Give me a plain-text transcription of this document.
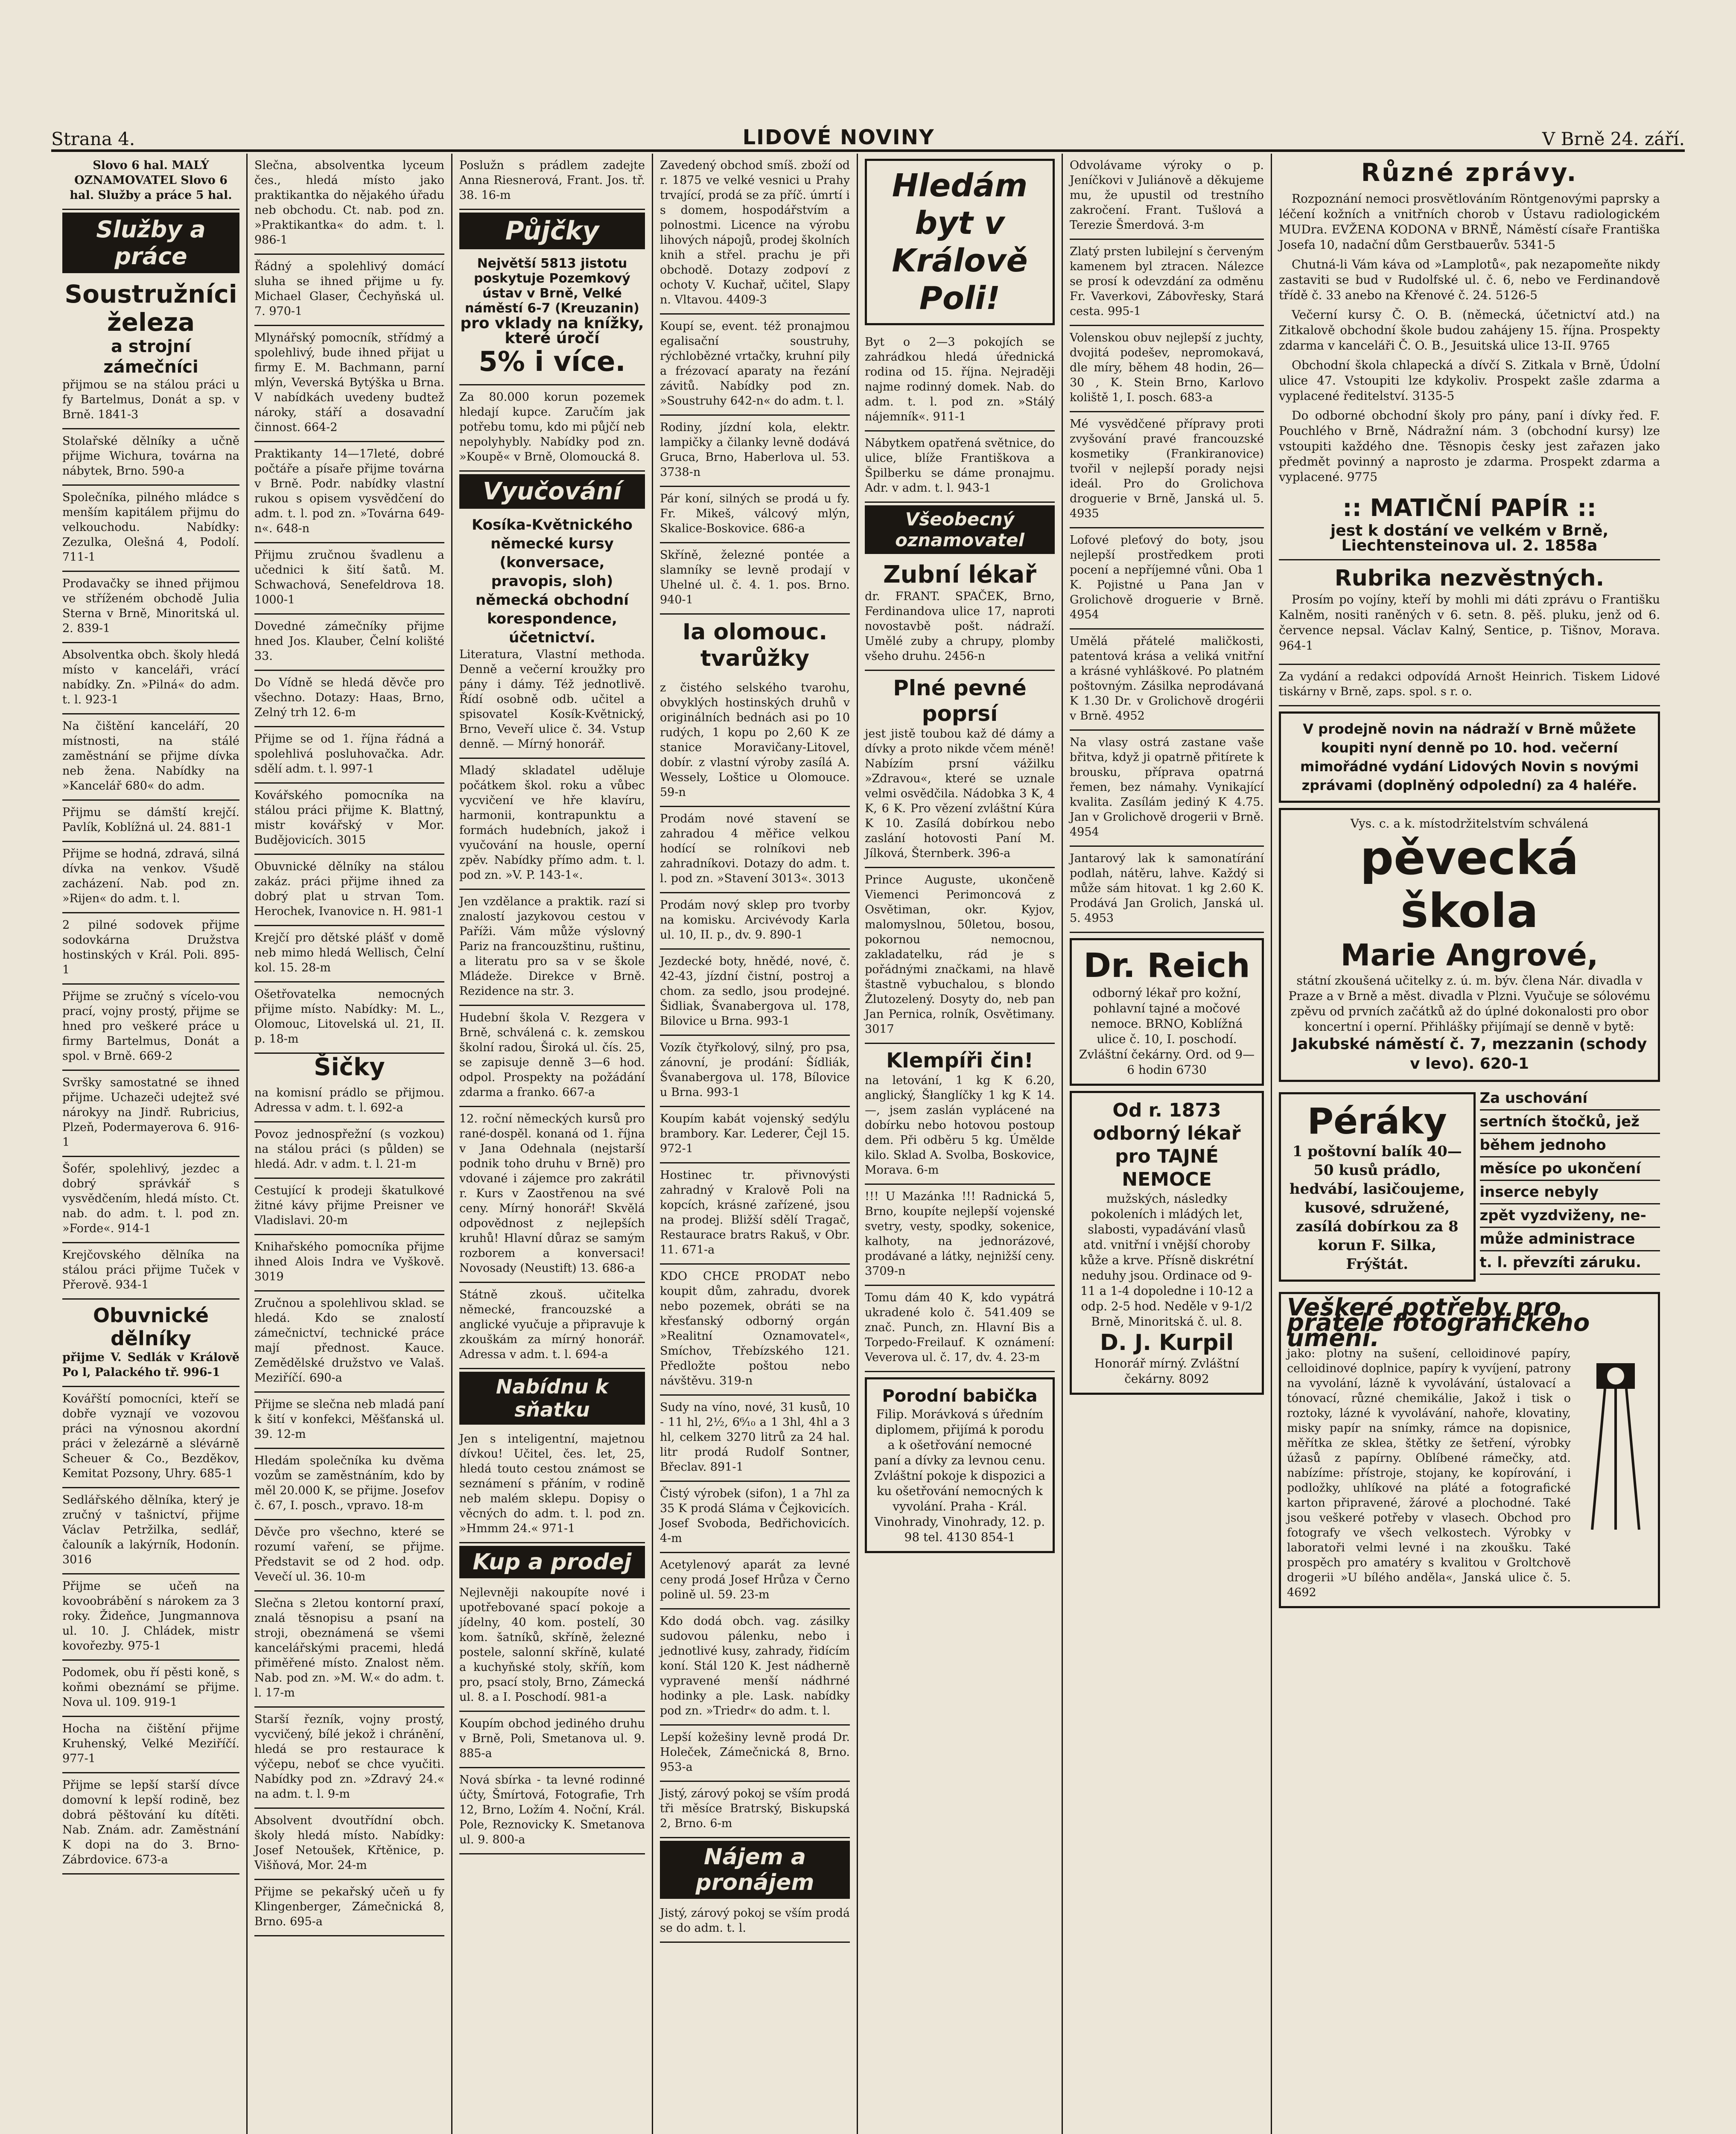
Strana 4.	LIDOVÉ NOVINY	V Brně 24. září.
Slovo 6 hal. MALÝ OZNAMOVATEL Slovo 6 hal. Služby a práce 5 hal.
Služby a práce
Soustružníci železa
a strojní zámečníci
přijmou se na stálou práci u fy Bartelmus, Donát a sp. v Brně. 1841-3
Stolařské dělníky a učně přijme Wichura, továrna na nábytek, Brno. 590-a
Společníka, pilného mládce s menším kapitálem přijmu do velkouchodu. Nabídky: Zezulka, Olešná 4, Podolí. 711-1
Prodavačky se ihned přijmou ve stříženém obchodě Julia Sterna v Brně, Minoritská ul. 2. 839-1
Absolventka obch. školy hledá místo v kanceláři, vrácí nabídky. Zn. »Pilná« do adm. t. l. 923-1
Na čištění kanceláří, 20 místnosti, na stálé zaměstnání se přijme dívka neb žena. Nabídky na »Kancelář 680« do adm.
Přijmu se dámští krejčí. Pavlík, Koblížná ul. 24. 881-1
Přijme se hodná, zdravá, silná dívka na venkov. Všudě zacházení. Nab. pod zn. »Rijen« do adm. t. l.
2 pilné sodovek přijme sodovkárna Družstva hostinských v Král. Poli. 895-1
Přijme se zručný s vícelo-vou prací, vojny prostý, přijme se hned pro veškeré práce u firmy Bartelmus, Donát a spol. v Brně. 669-2
Svršky samostatné se ihned přijme. Uchazeči udejtež své nárokyy na Jindř. Rubricius, Plzeň, Podermayerova 6. 916-1
Šofér, spolehlivý, jezdec a dobrý správkář s vysvědčením, hledá místo. Ct. nab. do adm. t. l. pod zn. »Forde«. 914-1
Krejčovského dělníka na stálou práci přijme Tuček v Přerově. 934-1
Obuvnické dělníky
přijme V. Sedlák v Králově Po l, Palackého tř. 996-1
Kovářští pomocníci, kteří se dobře vyznají ve vozovou práci na výnosnou akordní práci v železárně a slévárně Scheuer & Co., Bezděkov, Kemitat Pozsony, Uhry. 685-1
Sedlářského dělníka, který je zručný v tašnictví, přijme Václav Petržilka, sedlář, čalouník a lakýrník, Hodonín. 3016
Přijme se učeň na kovoobrábění s nárokem za 3 roky. Žideňce, Jungmannova ul. 10. J. Chládek, mistr kovořezby. 975-1
Podomek, obu ří pěsti koně, s koňmi obeznámí se přijme. Nova ul. 109. 919-1
Hocha na čištění přijme Kruhenský, Velké Meziříčí. 977-1
Přijme se lepší starší dívce domovní k lepší rodině, bez dobrá pěštování ku dítěti. Nab. Znám. adr. Zaměstnání K dopi na do 3. Brno-Zábrdovice. 673-a
Slečna, absolventka lyceum čes., hledá místo jako praktikantka do nějakého úřadu neb obchodu. Ct. nab. pod zn. »Praktikantka« do adm. t. l. 986-1
Řádný a spolehlivý domácí sluha se ihned přijme u fy. Michael Glaser, Čechyňská ul. 7. 970-1
Mlynářský pomocník, střídmý a spolehlivý, bude ihned přijat u firmy E. M. Bachmann, parní mlýn, Veverská Bytýška u Brna. V nabídkách uvedeny budtež nároky, stáří a dosavadní činnost. 664-2
Praktikanty 14—17leté, dobré počtáře a písaře přijme továrna v Brně. Podr. nabídky vlastní rukou s opisem vysvědčení do adm. t. l. pod zn. »Továrna 649-n«. 648-n
Přijmu zručnou švadlenu a učednici k šití šatů. M. Schwachová, Senefeldrova 18. 1000-1
Dovedné zámečníky přijme hned Jos. Klauber, Čelní kolišté 33.
Do Vídně se hledá děvče pro všechno. Dotazy: Haas, Brno, Zelný trh 12. 6-m
Přijme se od 1. října řádná a spolehlivá posluhovačka. Adr. sdělí adm. t. l. 997-1
Kovářského pomocníka na stálou práci přijme K. Blattný, mistr kovářský v Mor. Budějovicích. 3015
Obuvnické dělníky na stálou zakáz. práci přijme ihned za dobrý plat u strvan Tom. Herochek, Ivanovice n. H. 981-1
Krejčí pro dětské plášť v domě neb mimo hledá Wellisch, Čelní kol. 15. 28-m
Ošetřovatelka nemocných přijme místo. Nabídky: M. L., Olomouc, Litovelská ul. 21, II. p. 18-m
Šičky
na komisní prádlo se přijmou. Adressa v adm. t. l. 692-a
Povoz jednospřežní (s vozkou) na stálou práci (s půlden) se hledá. Adr. v adm. t. l. 21-m
Cestující k prodeji škatulkové žitné kávy přijme Preisner ve Vladislavi. 20-m
Knihařského pomocníka přijme ihned Alois Indra ve Vyškově. 3019
Zručnou a spolehlivou sklad. se hledá. Kdo se znalostí zámečnictví, technické práce mají přednost. Kauce. Zemědělské družstvo ve Valaš. Meziříčí. 690-a
Přijme se slečna neb mladá paní k šití v konfekci, Měšťanská ul. 39. 12-m
Hledám společníka ku dvěma vozům se zaměstnáním, kdo by měl 20.000 K, se přijme. Josefov č. 67, I. posch., vpravo. 18-m
Děvče pro všechno, které se rozumí vaření, se přijme. Představit se od 2 hod. odp. Vevečí ul. 36. 10-m
Slečna s 2letou kontorní praxí, znalá těsnopisu a psaní na stroji, obeznámená se všemi kancelářskými pracemi, hledá přiměřené místo. Znalost něm. Nab. pod zn. »M. W.« do adm. t. l. 17-m
Starší řezník, vojny prostý, vycvičený, bílé jekož i chránění, hledá se pro restaurace k výčepu, neboť se chce vyučiti. Nabídky pod zn. »Zdravý 24.« na adm. t. l. 9-m
Absolvent dvoutřídní obch. školy hledá místo. Nabídky: Josef Netoušek, Křtěnice, p. Višňová, Mor. 24-m
Přijme se pekařský učeň u fy Klingenberger, Zámečnická 8, Brno. 695-a
Poslužn s prádlem zadejte Anna Riesnerová, Frant. Jos. tř. 38. 16-m
Půjčky
Největší 5813 jistotu poskytuje Pozemkový ústav v Brně, Velké náměstí 6-7 (Kreuzanin)
pro vklady na knížky, které úročí
5% i více.
Za 80.000 korun pozemek hledají kupce. Zaručím jak potřebu tomu, kdo mi půjčí neb nepolyhybly. Nabídky pod zn. »Koupě« v Brně, Olomoucká 8.
Vyučování
Kosíka-Květnického německé kursy (konversace, pravopis, sloh) německá obchodní korespondence, účetnictví.
Literatura, Vlastní methoda. Denně a večerní kroužky pro pány i dámy. Též jednotlivě. Řídí osobně odb. učitel a spisovatel Kosík-Květnický, Brno, Veveří ulice č. 34. Vstup denně. — Mírný honorář.
Mladý skladatel uděluje počátkem škol. roku a vůbec vycvičení ve hře klavíru, harmonii, kontrapunktu a formách hudebních, jakož i vyučování na housle, operní zpěv. Nabídky přímo adm. t. l. pod zn. »V. P. 143-1«.
Jen vzdělance a praktik. razí si znalostí jazykovou cestou v Paříži. Vám může výslovný Pariz na francouzštinu, ruštinu, a literatu pro sa v se škole Mládeže. Direkce v Brně. Rezidence na str. 3.
Hudební škola V. Rezgera v Brně, schválená c. k. zemskou školní radou, Široká ul. čís. 25, se zapisuje denně 3—6 hod. odpol. Prospekty na požádání zdarma a franko. 667-a
12. roční německých kursů pro rané-dospěl. konaná od 1. října v Jana Odehnala (nejstarší podnik toho druhu v Brně) pro vdované i zájemce pro zakrátil r. Kurs v Zaostřenou na své ceny. Mírný honorář! Skvělá odpovědnost z nejlepších kruhů! Hlavní důraz se samým rozborem a konversaci! Novosady (Neustift) 13. 686-a
Státně zkouš. učitelka německé, francouzské a anglické vyučuje a připravuje k zkouškám za mírný honorář. Adressa v adm. t. l. 694-a
Nabídnu k sňatku
Jen s inteligentní, majetnou dívkou! Učitel, čes. let, 25, hledá touto cestou známost se seznámení s přáním, v rodině neb malém sklepu. Dopisy o věcných do adm. t. l. pod zn. »Hmmm 24.« 971-1
Kup a prodej
Nejlevněji nakoupíte nové i upotřebované spací pokoje a jídelny, 40 kom. postelí, 30 kom. šatníků, skříně, železné postele, salonní skříně, kulaté a kuchyňské stoly, skříň, kom pro, psací stoly, Brno, Zámecká ul. 8. a I. Poschodí. 981-a
Koupím obchod jediného druhu v Brně, Poli, Smetanova ul. 9. 885-a
Nová sbírka - ta levné rodinné účty, Šmírtová, Fotografie, Trh 12, Brno, Ložím 4. Noční, Král. Pole, Reznovicky K. Smetanova ul. 9. 800-a
Zavedený obchod smíš. zboží od r. 1875 ve velké vesnici u Prahy trvající, prodá se za příč. úmrtí i s domem, hospodářstvím a polnostmi. Licence na výrobu lihových nápojů, prodej školních knih a střel. prachu je při obchodě. Dotazy zodpoví z ochoty V. Kuchař, učitel, Slapy n. Vltavou. 4409-3
Koupí se, event. též pronajmou egalisační soustruhy, rýchlobězné vrtačky, kruhní pily a frézovací aparaty na řezání závitů. Nabídky pod zn. »Soustruhy 642-n« do adm. t. l.
Rodiny, jízdní kola, elektr. lampičky a čilanky levně dodává Gruca, Brno, Haberlova ul. 53. 3738-n
Pár koní, silných se prodá u fy. Fr. Mikeš, válcový mlýn, Skalice-Boskovice. 686-a
Skříně, železné pontée a slamníky se levně prodají v Uhelné ul. č. 4. 1. pos. Brno. 940-1
Ia olomouc. tvarůžky
z čistého selského tvarohu, obvyklých hostinských druhů v originálních bednách asi po 10 rudých, 1 kopu po 2,60 K ze stanice Moravičany-Litovel, dobír. z vlastní výroby zasílá A. Wessely, Loštice u Olomouce. 59-n
Prodám nové stavení se zahradou 4 měřice velkou hodící se rolníkovi neb zahradníkovi. Dotazy do adm. t. l. pod zn. »Stavení 3013«. 3013
Prodám nový sklep pro tvorby na komisku. Arcivévody Karla ul. 10, II. p., dv. 9. 890-1
Jezdecké boty, hnědé, nové, č. 42-43, jízdní čistní, postroj a chom. za sedlo, jsou prodejné. Šidliak, Švanabergova ul. 178, Bilovice u Brna. 993-1
Vozík čtyřkolový, silný, pro psa, zánovní, je prodání: Šídliák, Švanabergova ul. 178, Bílovice u Brna. 993-1
Koupím kabát vojenský sedýlu brambory. Kar. Lederer, Čejl 15. 972-1
Hostinec tr. přivnovýsti zahradný v Kralově Poli na kopcích, krásné zařízené, jsou na prodej. Bližší sdělí Tragač, Restaurace bratrs Rakuš, v Obr. 11. 671-a
KDO CHCE PRODAT nebo koupit dům, zahradu, dvorek nebo pozemek, obráti se na křesťanský odborný orgán »Realitní Oznamovatel«, Smíchov, Třebízského 121. Předložte poštou nebo návštěvu. 319-n
Sudy na víno, nové, 31 kusů, 10 - 11 hl, 2¹⁄₂, 6⁶⁄₁₀ a 1 3hl, 4hl a 3 hl, celkem 3270 litrů za 24 hal. litr prodá Rudolf Sontner, Břeclav. 891-1
Čistý výrobek (sifon), 1 a 7hl za 35 K prodá Sláma v Čejkovicích. Josef Svoboda, Bedřichovicích. 4-m
Acetylenový aparát za levné ceny prodá Josef Hrůza v Černo polině ul. 59. 23-m
Kdo dodá obch. vag. zásilky sudovou pálenku, nebo i jednotlivé kusy, zahrady, řidícím koní. Stál 120 K. Jest nádherně vypravené menší nádhrné hodinky a ple. Lask. nabídky pod zn. »Triedr« do adm. t. l.
Lepší kožešiny levně prodá Dr. Holeček, Zámečnická 8, Brno. 953-a
Jistý, zárový pokoj se vším prodá tři měsíce Bratrský, Biskupská 2, Brno. 6-m
Nájem a pronájem
Jistý, zárový pokoj se vším prodá se do adm. t. l.
Hledám byt v Králově Poli!
Byt o 2—3 pokojích se zahrádkou hledá úřednická rodina od 15. října. Nejraději najme rodinný domek. Nab. do adm. t. l. pod zn. »Stálý nájemník«. 911-1
Nábytkem opatřená světnice, do ulice, blíže Františkova a Špilberku se dáme pronajmu. Adr. v adm. t. l. 943-1
Všeobecný oznamovatel
Zubní lékař
dr. FRANT. SPAČEK, Brno, Ferdinandova ulice 17, naproti novostavbě pošt. nádraží. Umělé zuby a chrupy, plomby všeho druhu. 2456-n
Plné pevné poprsí
jest jistě toubou kaž dé dámy a dívky a proto nikde včem méně! Nabízím prsní vážilku »Zdravou«, které se uznale velmi osvědčila. Nádobka 3 K, 4 K, 6 K. Pro vězení zvláštní Kúra K 10. Zasílá dobírkou nebo zaslání hotovosti Paní M. Jílková, Šternberk. 396-a
Prince Auguste, ukončeně Viemenci Perimoncová z Osvětiman, okr. Kyjov, malomyslnou, 50letou, bosou, pokornou nemocnou, zakladatelku, rád je s pořádnými značkami, na hlavě štastně vybuchalou, s blondo Žlutozelený. Dosyty do, neb pan Jan Pernica, rolník, Osvětimany. 3017
Klempíři čin!
na letování, 1 kg K 6.20, anglický, Šłanglíčky 1 kg K 14.—, jsem zaslán vyplácené na dobírku nebo hotovou postoup dem. Při odběru 5 kg. Úmělde kilo. Sklad A. Svolba, Boskovice, Morava. 6-m
!!! U Mazánka !!! Radnická 5, Brno, koupíte nejlepší vojenské svetry, vesty, spodky, sokenice, kalhoty, na jednorázové, prodávané a látky, nejnižší ceny. 3709-n
Tomu dám 40 K, kdo vypátrá ukradené kolo č. 541.409 se znač. Punch, zn. Hlavní Bis a Torpedo-Freilauf. K oznámení: Veverova ul. č. 17, dv. 4. 23-m
Porodní babička
Filip. Morávková s úředním diplomem, přijímá k porodu a k ošetřování nemocné paní a dívky za levnou cenu. Zvláštní pokoje k dispozici a ku ošetřování nemocných k vyvolání. Praha - Král. Vinohrady, Vinohrady, 12. p. 98 tel. 4130 854-1
Odvolávame výroky o p. Jeníčkovi v Juliánově a děkujeme mu, že upustil od trestního zakročení. Frant. Tušlová a Terezie Šmerdová. 3-m
Zlatý prsten lubilejní s červeným kamenem byl ztracen. Nálezce se prosí k odevzdání za odměnu Fr. Vaverkovi, Zábovřesky, Stará cesta. 995-1
Volenskou obuv nejlepší z juchty, dvojitá podešev, nepromokavá, dle míry, během 48 hodin, 26—30 , K. Stein Brno, Karlovo koliště 1, I. posch. 683-a
Mé vysvědčené přípravy proti zvyšování pravé francouzské kosmetiky (Frankiranovice) tvořil v nejlepší porady nejsi ideál. Pro do Grolichova droguerie v Brně, Janská ul. 5. 4935
Lofové pleťový do boty, jsou nejlepší prostředkem proti pocení a nepříjemné vůni. Oba 1 K. Pojistné u Pana Jan v Grolichově droguerie v Brně. 4954
Umělá přátelé maličkosti, patentová krása a veliká vnitřní a krásné vyhláškové. Po platném poštovným. Zásilka neprodávaná K 1.30 Dr. v Grolichově drogérii v Brně. 4952
Na vlasy ostrá zastane vaše břitva, když ji opatrně přitírete k brousku, příprava opatrná řemen, bez námahy. Vynikající kvalita. Zasílám jediný K 4.75. Jan v Grolichově drogerii v Brně. 4954
Jantarový lak k samonatírání podlah, nátěru, lahve. Každý si může sám hitovat. 1 kg 2.60 K. Prodává Jan Grolich, Janská ul. 5. 4953
Dr. Reich
odborný lékař pro kožní, pohlavní tajné a močové nemoce. BRNO, Koblížná ulice č. 10, I. poschodí. Zvláštní čekárny. Ord. od 9—6 hodin 6730
Od r. 1873 odborný lékař pro TAJNÉ NEMOCE
mužských, následky pokoleních i mládých let, slabosti, vypadávání vlasů atd. vnitřní i vnější choroby kůže a krve. Přísně diskrétní neduhy jsou. Ordinace od 9-11 a 1-4 dopoledne i 10-12 a odp. 2-5 hod. Neděle v 9-1/2 Brně, Minoritská č. ul. 8.
D. J. Kurpil
Honorář mírný. Zvláštní čekárny. 8092
Různé zprávy.
Rozpoznání nemoci prosvětlováním Röntgenovými paprsky a léčení kožních a vnitřních chorob v Ústavu radiologickém MUDra. EVŽENA KODONA v BRNĚ, Náměstí císaře Františka Josefa 10, nadační dům Gerstbauerův. 5341-5
Chutná-li Vám káva od »Lamplotů«, pak nezapomeňte nikdy zastaviti se bud v Rudolfské ul. č. 6, nebo ve Ferdinandově třídě č. 33 anebo na Křenové č. 24. 5126-5
Večerní kursy Č. O. B. (německá, účetnictví atd.) na Zitkalově obchodní škole budou zahájeny 15. října. Prospekty zdarma v kanceláři Č. O. B., Jesuitská ulice 13-II. 9765
Obchodní škola chlapecká a dívčí S. Zitkala v Brně, Údolní ulice 47. Vstoupiti lze kdykoliv. Prospekt zašle zdarma a vyplacené ředitelství. 3135-5
Do odborné obchodní školy pro pány, paní i dívky řed. F. Pouchlého v Brně, Nádražní nám. 3 (obchodní kursy) lze vstoupiti každého dne. Těsnopis česky jest zařazen jako předmět povinný a naprosto je zdarma. Prospekt zdarma a vyplacené. 9775
:: MATIČNÍ PAPÍR ::
jest k dostání ve velkém v Brně, Liechtensteinova ul. 2. 1858a
Rubrika nezvěstných.
Prosím po vojíny, kteří by mohli mi dáti zprávu o Františku Kalněm, nositi raněných v 6. setn. 8. pěš. pluku, jenž od 6. července nepsal. Václav Kalný, Sentice, p. Tišnov, Morava. 964-1
Za vydání a redakci odpovídá Arnošt Heinrich. Tiskem Lidové tiskárny v Brně, zaps. spol. s r. o.
V prodejně novin na nádraží v Brně můžete koupiti nyní denně po 10. hod. večerní mimořádné vydání Lidových Novin s novými zprávami (doplněný odpolední) za 4 haléře.
Vys. c. a k. místodržitelstvím schválená
pěvecká škola
Marie Angrové,
státní zkoušená učitelky z. ú. m. býv. člena Nár. divadla v Praze a v Brně a měst. divadla v Plzni. Vyučuje se sólovému zpěvu od prvních začátků až do úplné dokonalosti pro obor koncertní i operní. Přihlášky přijímají se denně v bytě:
Jakubské náměstí č. 7, mezzanin (schody v levo). 620-1
Péráky
1 poštovní balík 40—50 kusů prádlo, hedvábí, lasičoujeme, kusové, sdružené, zasílá dobírkou za 8 korun F. Silka, Frýštát.
Za uschování
sertních štočků, jež
během jednoho
měsíce po ukončení
inserce nebyly
zpět vyzdviženy, ne-
může administrace
t. l. převzíti záruku.
Veškeré potřeby pro přátele fotografického umění.
jako: plotny na sušení, celloidinové papíry, celloidinové doplnice, papíry k vyvíjení, patrony na vyvolání, lázně k vyvolávání, ústalovací a tónovací, různé chemikálie, Jakož i tisk o roztoky, lázné k vyvolávání, nahoře, klovatiny, misky papír na snímky, rámce na dopisnice, měřítka ze sklea, štětky ze šetření, výrobky úžasů z papírny. Oblíbené rámečky, atd. nabízíme: přístroje, stojany, ke kopírování, i podložky, uhlíkové na pláté a fotografické karton připravené, žárové a plochodné. Také jsou veškeré potřeby v vlasech. Obchod pro fotografy ve všech velkostech. Výrobky v laboratoři velmi levné i na zkoušku. Také prospěch pro amatéry s kvalitou v Groltchově drogerii »U bílého anděla«, Janská ulice č. 5. 4692
